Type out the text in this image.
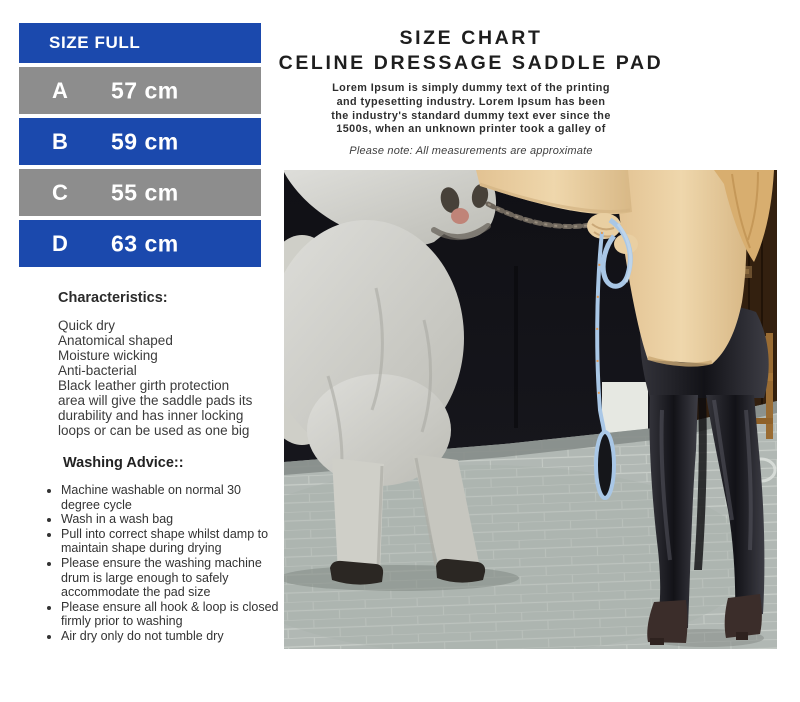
SIZE FULL
A 57 cm
B 59 cm
C 55 cm
D 63 cm
SIZE CHART
CELINE DRESSAGE SADDLE PAD
Lorem Ipsum is simply dummy text of the printing
and typesetting industry. Lorem Ipsum has been
the industry's standard dummy text ever since the
1500s, when an unknown printer took a galley of
Please note: All measurements are approximate
Characteristics:
Quick dry
Anatomical shaped
Moisture wicking
Anti-bacterial
Black leather girth protection
area will give the saddle pads its
durability and has inner locking
loops or can be used as one big
Washing Advice::
• Machine washable on normal 30
degree cycle
• Wash in a wash bag
• Pull into correct shape whilst damp to
maintain shape during drying
• Please ensure the washing machine
drum is large enough to safely
accommodate the pad size
• Please ensure all hook & loop is closed
firmly prior to washing
• Air dry only do not tumble dry
